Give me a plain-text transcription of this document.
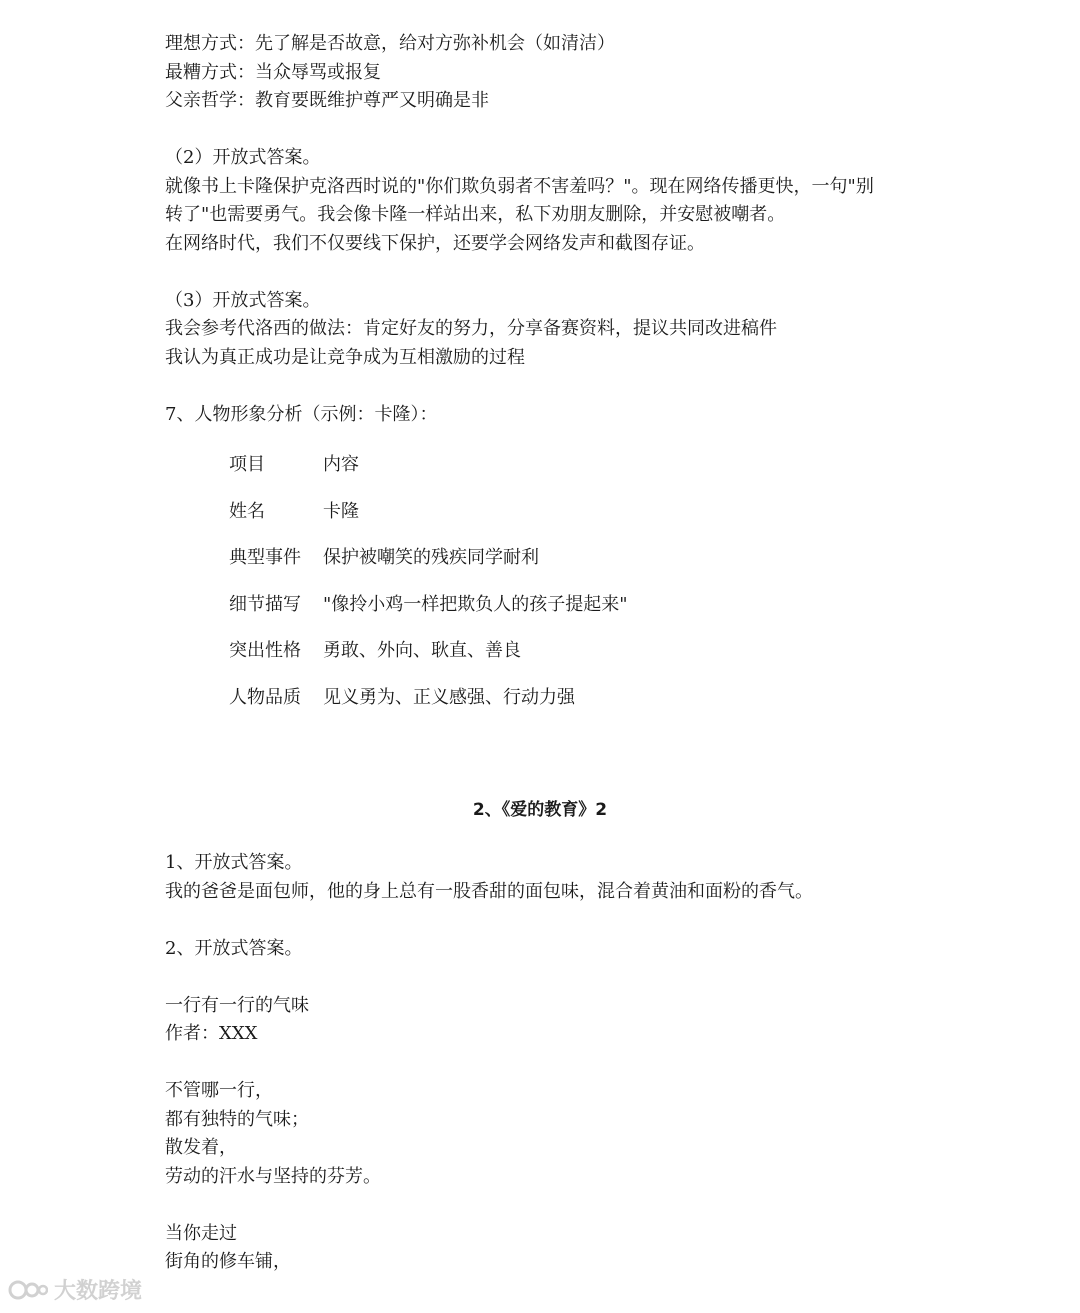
理想方式：先了解是否故意，给对方弥补机会（如清洁）
最糟方式：当众辱骂或报复
父亲哲学：教育要既维护尊严又明确是非
（2）开放式答案。
就像书上卡隆保护克洛西时说的"你们欺负弱者不害羞吗？"。现在网络传播更快，一句"别
转了"也需要勇气。我会像卡隆一样站出来，私下劝朋友删除，并安慰被嘲者。
在网络时代，我们不仅要线下保护，还要学会网络发声和截图存证。
（3）开放式答案。
我会参考代洛西的做法：肯定好友的努力，分享备赛资料，提议共同改进稿件
我认为真正成功是让竞争成为互相激励的过程
7、人物形象分析（示例：卡隆）：
项目	内容
姓名	卡隆
典型事件	保护被嘲笑的残疾同学耐利
细节描写	"像拎小鸡一样把欺负人的孩子提起来"
突出性格	勇敢、外向、耿直、善良
人物品质	见义勇为、正义感强、行动力强
2、《爱的教育》2
1、开放式答案。
我的爸爸是面包师，他的身上总有一股香甜的面包味，混合着黄油和面粉的香气。
2、开放式答案。
一行有一行的气味
作者：XXX
不管哪一行，
都有独特的气味；
散发着，
劳动的汗水与坚持的芬芳。
当你走过
街角的修车铺，
大数跨境
